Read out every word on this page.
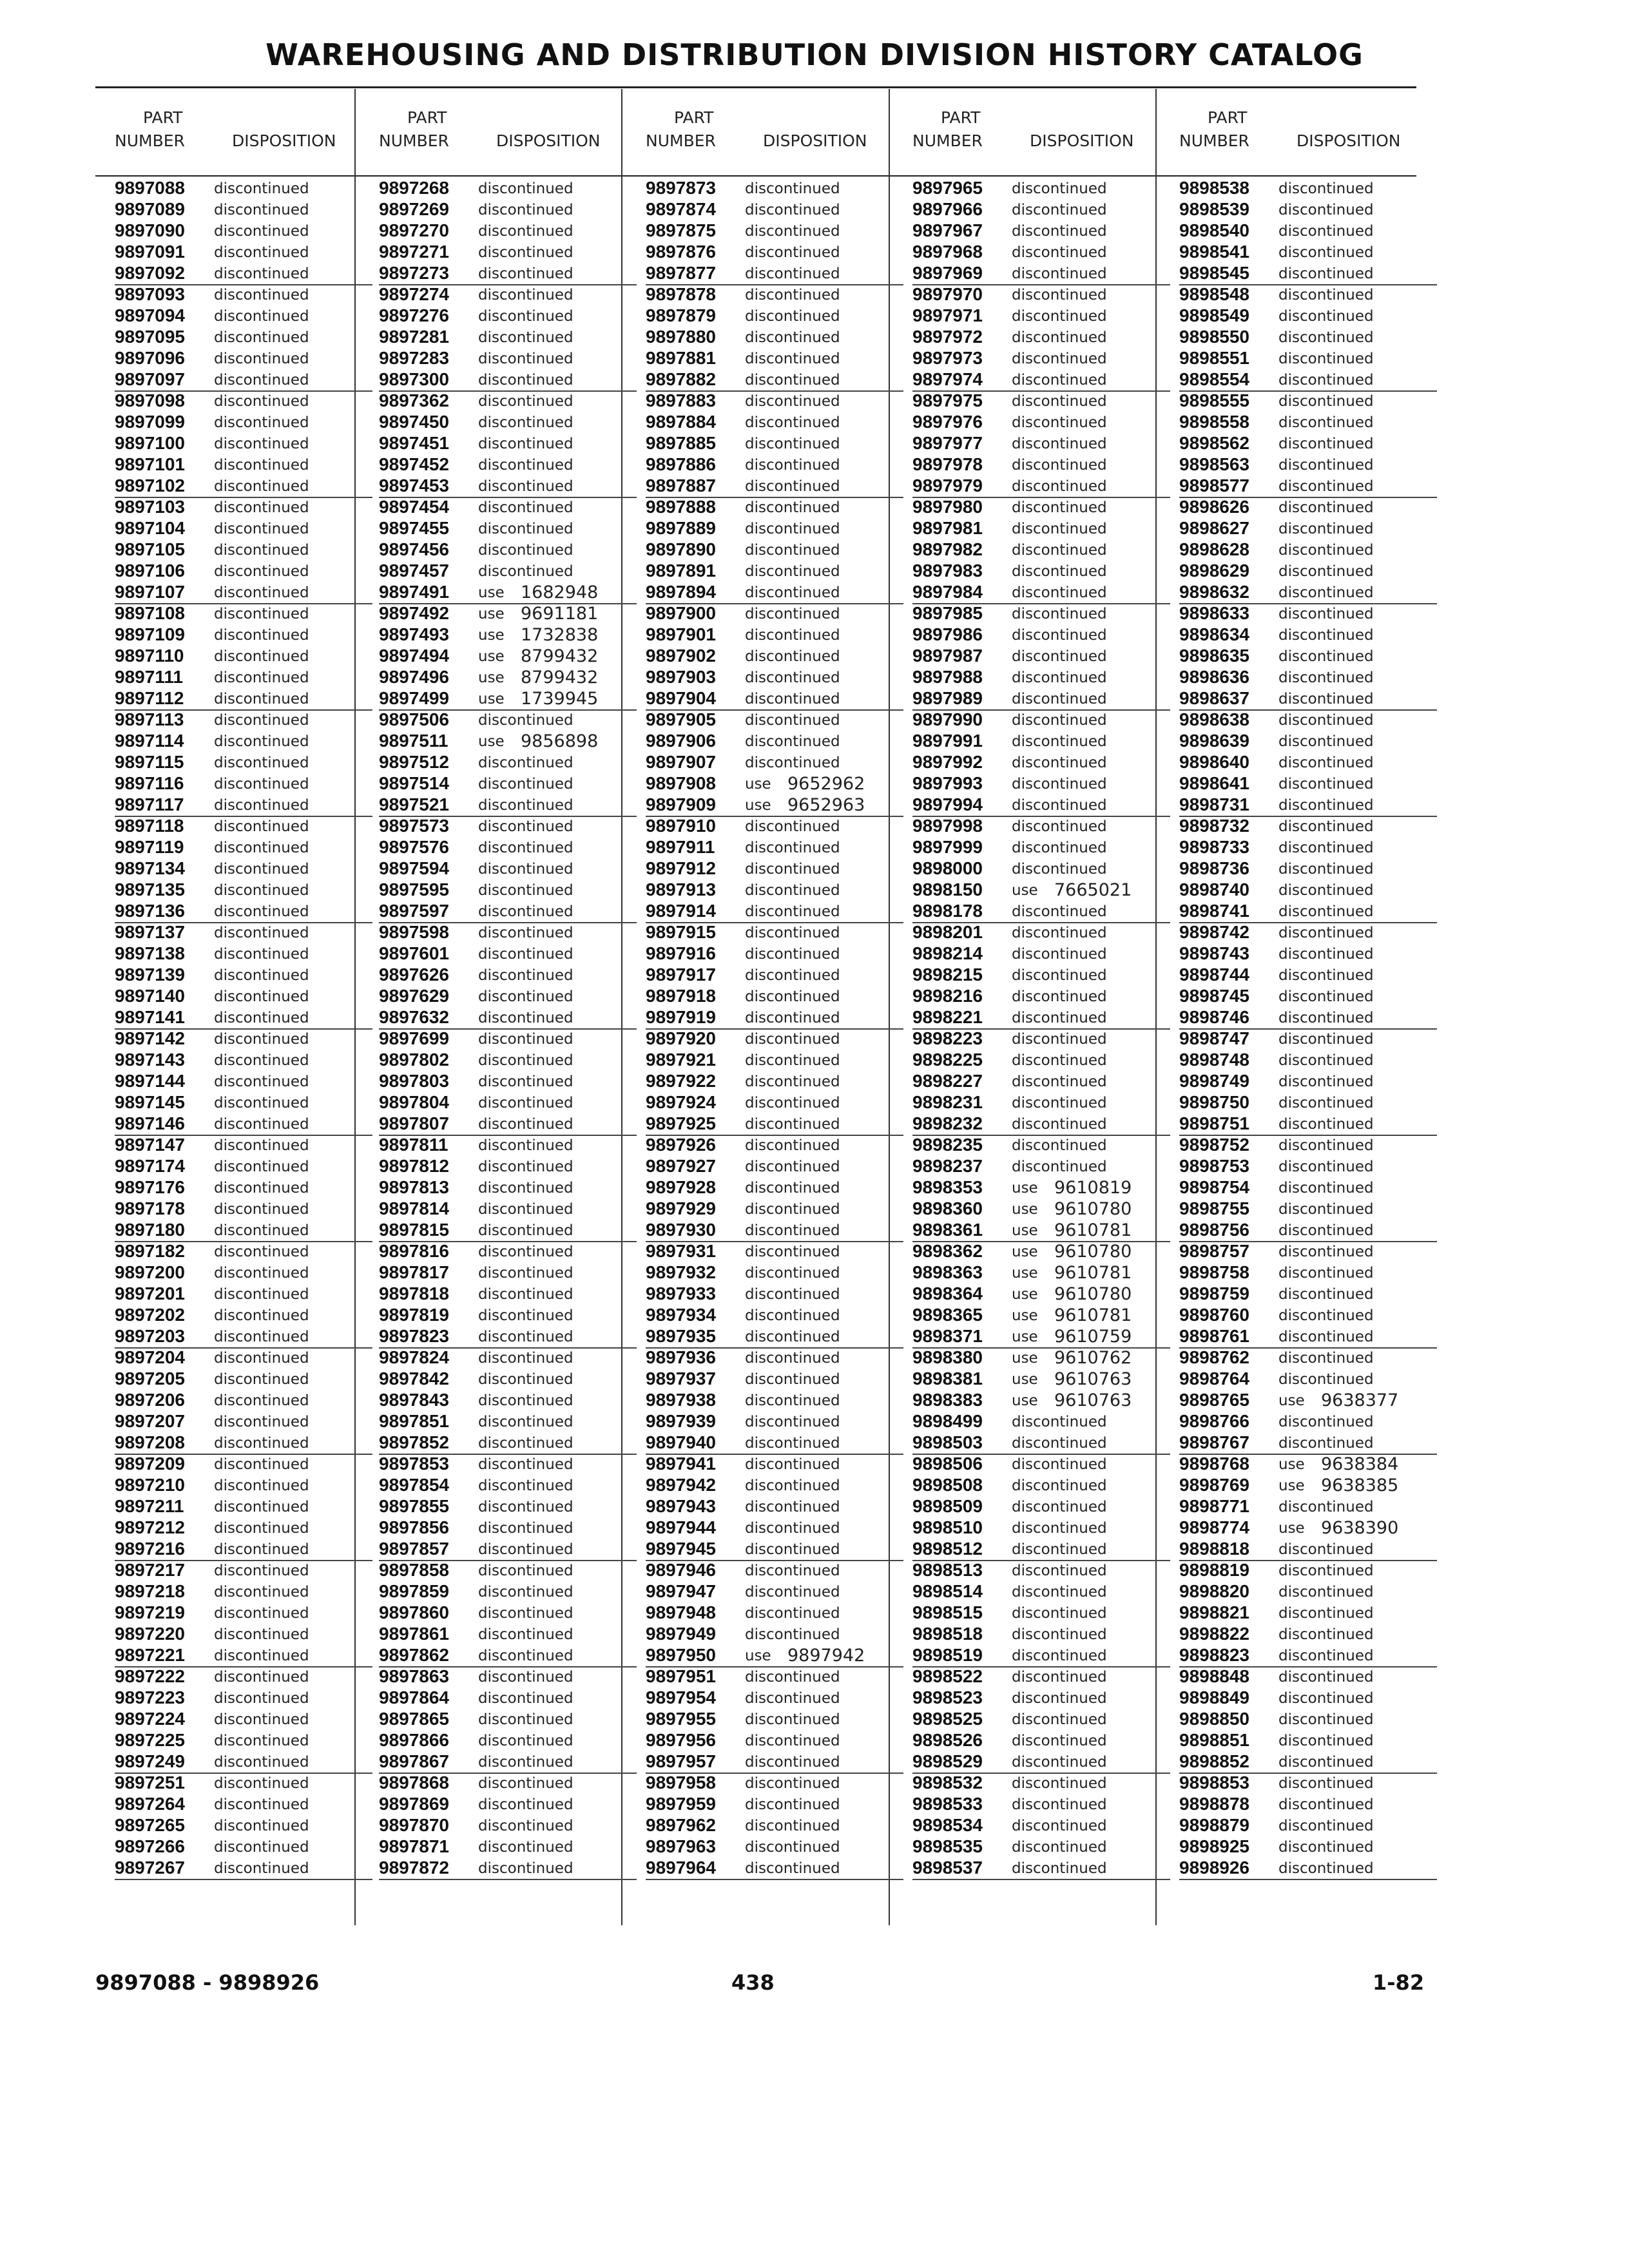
WAREHOUSING AND DISTRIBUTION DIVISION HISTORY CATALOG
PART
NUMBER	DISPOSITION
PART
NUMBER	DISPOSITION
PART
NUMBER	DISPOSITION
PART
NUMBER	DISPOSITION
PART
NUMBER	DISPOSITION
9897088 discontinued
9897089 discontinued
9897090 discontinued
9897091 discontinued
9897092 discontinued
9897093 discontinued
9897094 discontinued
9897095 discontinued
9897096 discontinued
9897097 discontinued
9897098 discontinued
9897099 discontinued
9897100 discontinued
9897101 discontinued
9897102 discontinued
9897103 discontinued
9897104 discontinued
9897105 discontinued
9897106 discontinued
9897107 discontinued
9897108 discontinued
9897109 discontinued
9897110 discontinued
9897111 discontinued
9897112 discontinued
9897113 discontinued
9897114 discontinued
9897115 discontinued
9897116 discontinued
9897117 discontinued
9897118 discontinued
9897119 discontinued
9897134 discontinued
9897135 discontinued
9897136 discontinued
9897137 discontinued
9897138 discontinued
9897139 discontinued
9897140 discontinued
9897141 discontinued
9897142 discontinued
9897143 discontinued
9897144 discontinued
9897145 discontinued
9897146 discontinued
9897147 discontinued
9897174 discontinued
9897176 discontinued
9897178 discontinued
9897180 discontinued
9897182 discontinued
9897200 discontinued
9897201 discontinued
9897202 discontinued
9897203 discontinued
9897204 discontinued
9897205 discontinued
9897206 discontinued
9897207 discontinued
9897208 discontinued
9897209 discontinued
9897210 discontinued
9897211 discontinued
9897212 discontinued
9897216 discontinued
9897217 discontinued
9897218 discontinued
9897219 discontinued
9897220 discontinued
9897221 discontinued
9897222 discontinued
9897223 discontinued
9897224 discontinued
9897225 discontinued
9897249 discontinued
9897251 discontinued
9897264 discontinued
9897265 discontinued
9897266 discontinued
9897267 discontinued
9897268 discontinued
9897269 discontinued
9897270 discontinued
9897271 discontinued
9897273 discontinued
9897274 discontinued
9897276 discontinued
9897281 discontinued
9897283 discontinued
9897300 discontinued
9897362 discontinued
9897450 discontinued
9897451 discontinued
9897452 discontinued
9897453 discontinued
9897454 discontinued
9897455 discontinued
9897456 discontinued
9897457 discontinued
9897491 use 1682948
9897492 use 9691181
9897493 use 1732838
9897494 use 8799432
9897496 use 8799432
9897499 use 1739945
9897506 discontinued
9897511 use 9856898
9897512 discontinued
9897514 discontinued
9897521 discontinued
9897573 discontinued
9897576 discontinued
9897594 discontinued
9897595 discontinued
9897597 discontinued
9897598 discontinued
9897601 discontinued
9897626 discontinued
9897629 discontinued
9897632 discontinued
9897699 discontinued
9897802 discontinued
9897803 discontinued
9897804 discontinued
9897807 discontinued
9897811 discontinued
9897812 discontinued
9897813 discontinued
9897814 discontinued
9897815 discontinued
9897816 discontinued
9897817 discontinued
9897818 discontinued
9897819 discontinued
9897823 discontinued
9897824 discontinued
9897842 discontinued
9897843 discontinued
9897851 discontinued
9897852 discontinued
9897853 discontinued
9897854 discontinued
9897855 discontinued
9897856 discontinued
9897857 discontinued
9897858 discontinued
9897859 discontinued
9897860 discontinued
9897861 discontinued
9897862 discontinued
9897863 discontinued
9897864 discontinued
9897865 discontinued
9897866 discontinued
9897867 discontinued
9897868 discontinued
9897869 discontinued
9897870 discontinued
9897871 discontinued
9897872 discontinued
9897873 discontinued
9897874 discontinued
9897875 discontinued
9897876 discontinued
9897877 discontinued
9897878 discontinued
9897879 discontinued
9897880 discontinued
9897881 discontinued
9897882 discontinued
9897883 discontinued
9897884 discontinued
9897885 discontinued
9897886 discontinued
9897887 discontinued
9897888 discontinued
9897889 discontinued
9897890 discontinued
9897891 discontinued
9897894 discontinued
9897900 discontinued
9897901 discontinued
9897902 discontinued
9897903 discontinued
9897904 discontinued
9897905 discontinued
9897906 discontinued
9897907 discontinued
9897908 use 9652962
9897909 use 9652963
9897910 discontinued
9897911 discontinued
9897912 discontinued
9897913 discontinued
9897914 discontinued
9897915 discontinued
9897916 discontinued
9897917 discontinued
9897918 discontinued
9897919 discontinued
9897920 discontinued
9897921 discontinued
9897922 discontinued
9897924 discontinued
9897925 discontinued
9897926 discontinued
9897927 discontinued
9897928 discontinued
9897929 discontinued
9897930 discontinued
9897931 discontinued
9897932 discontinued
9897933 discontinued
9897934 discontinued
9897935 discontinued
9897936 discontinued
9897937 discontinued
9897938 discontinued
9897939 discontinued
9897940 discontinued
9897941 discontinued
9897942 discontinued
9897943 discontinued
9897944 discontinued
9897945 discontinued
9897946 discontinued
9897947 discontinued
9897948 discontinued
9897949 discontinued
9897950 use 9897942
9897951 discontinued
9897954 discontinued
9897955 discontinued
9897956 discontinued
9897957 discontinued
9897958 discontinued
9897959 discontinued
9897962 discontinued
9897963 discontinued
9897964 discontinued
9897965 discontinued
9897966 discontinued
9897967 discontinued
9897968 discontinued
9897969 discontinued
9897970 discontinued
9897971 discontinued
9897972 discontinued
9897973 discontinued
9897974 discontinued
9897975 discontinued
9897976 discontinued
9897977 discontinued
9897978 discontinued
9897979 discontinued
9897980 discontinued
9897981 discontinued
9897982 discontinued
9897983 discontinued
9897984 discontinued
9897985 discontinued
9897986 discontinued
9897987 discontinued
9897988 discontinued
9897989 discontinued
9897990 discontinued
9897991 discontinued
9897992 discontinued
9897993 discontinued
9897994 discontinued
9897998 discontinued
9897999 discontinued
9898000 discontinued
9898150 use 7665021
9898178 discontinued
9898201 discontinued
9898214 discontinued
9898215 discontinued
9898216 discontinued
9898221 discontinued
9898223 discontinued
9898225 discontinued
9898227 discontinued
9898231 discontinued
9898232 discontinued
9898235 discontinued
9898237 discontinued
9898353 use 9610819
9898360 use 9610780
9898361 use 9610781
9898362 use 9610780
9898363 use 9610781
9898364 use 9610780
9898365 use 9610781
9898371 use 9610759
9898380 use 9610762
9898381 use 9610763
9898383 use 9610763
9898499 discontinued
9898503 discontinued
9898506 discontinued
9898508 discontinued
9898509 discontinued
9898510 discontinued
9898512 discontinued
9898513 discontinued
9898514 discontinued
9898515 discontinued
9898518 discontinued
9898519 discontinued
9898522 discontinued
9898523 discontinued
9898525 discontinued
9898526 discontinued
9898529 discontinued
9898532 discontinued
9898533 discontinued
9898534 discontinued
9898535 discontinued
9898537 discontinued
9898538 discontinued
9898539 discontinued
9898540 discontinued
9898541 discontinued
9898545 discontinued
9898548 discontinued
9898549 discontinued
9898550 discontinued
9898551 discontinued
9898554 discontinued
9898555 discontinued
9898558 discontinued
9898562 discontinued
9898563 discontinued
9898577 discontinued
9898626 discontinued
9898627 discontinued
9898628 discontinued
9898629 discontinued
9898632 discontinued
9898633 discontinued
9898634 discontinued
9898635 discontinued
9898636 discontinued
9898637 discontinued
9898638 discontinued
9898639 discontinued
9898640 discontinued
9898641 discontinued
9898731 discontinued
9898732 discontinued
9898733 discontinued
9898736 discontinued
9898740 discontinued
9898741 discontinued
9898742 discontinued
9898743 discontinued
9898744 discontinued
9898745 discontinued
9898746 discontinued
9898747 discontinued
9898748 discontinued
9898749 discontinued
9898750 discontinued
9898751 discontinued
9898752 discontinued
9898753 discontinued
9898754 discontinued
9898755 discontinued
9898756 discontinued
9898757 discontinued
9898758 discontinued
9898759 discontinued
9898760 discontinued
9898761 discontinued
9898762 discontinued
9898764 discontinued
9898765 use 9638377
9898766 discontinued
9898767 discontinued
9898768 use 9638384
9898769 use 9638385
9898771 discontinued
9898774 use 9638390
9898818 discontinued
9898819 discontinued
9898820 discontinued
9898821 discontinued
9898822 discontinued
9898823 discontinued
9898848 discontinued
9898849 discontinued
9898850 discontinued
9898851 discontinued
9898852 discontinued
9898853 discontinued
9898878 discontinued
9898879 discontinued
9898925 discontinued
9898926 discontinued
9897088 - 9898926	438	1-82
